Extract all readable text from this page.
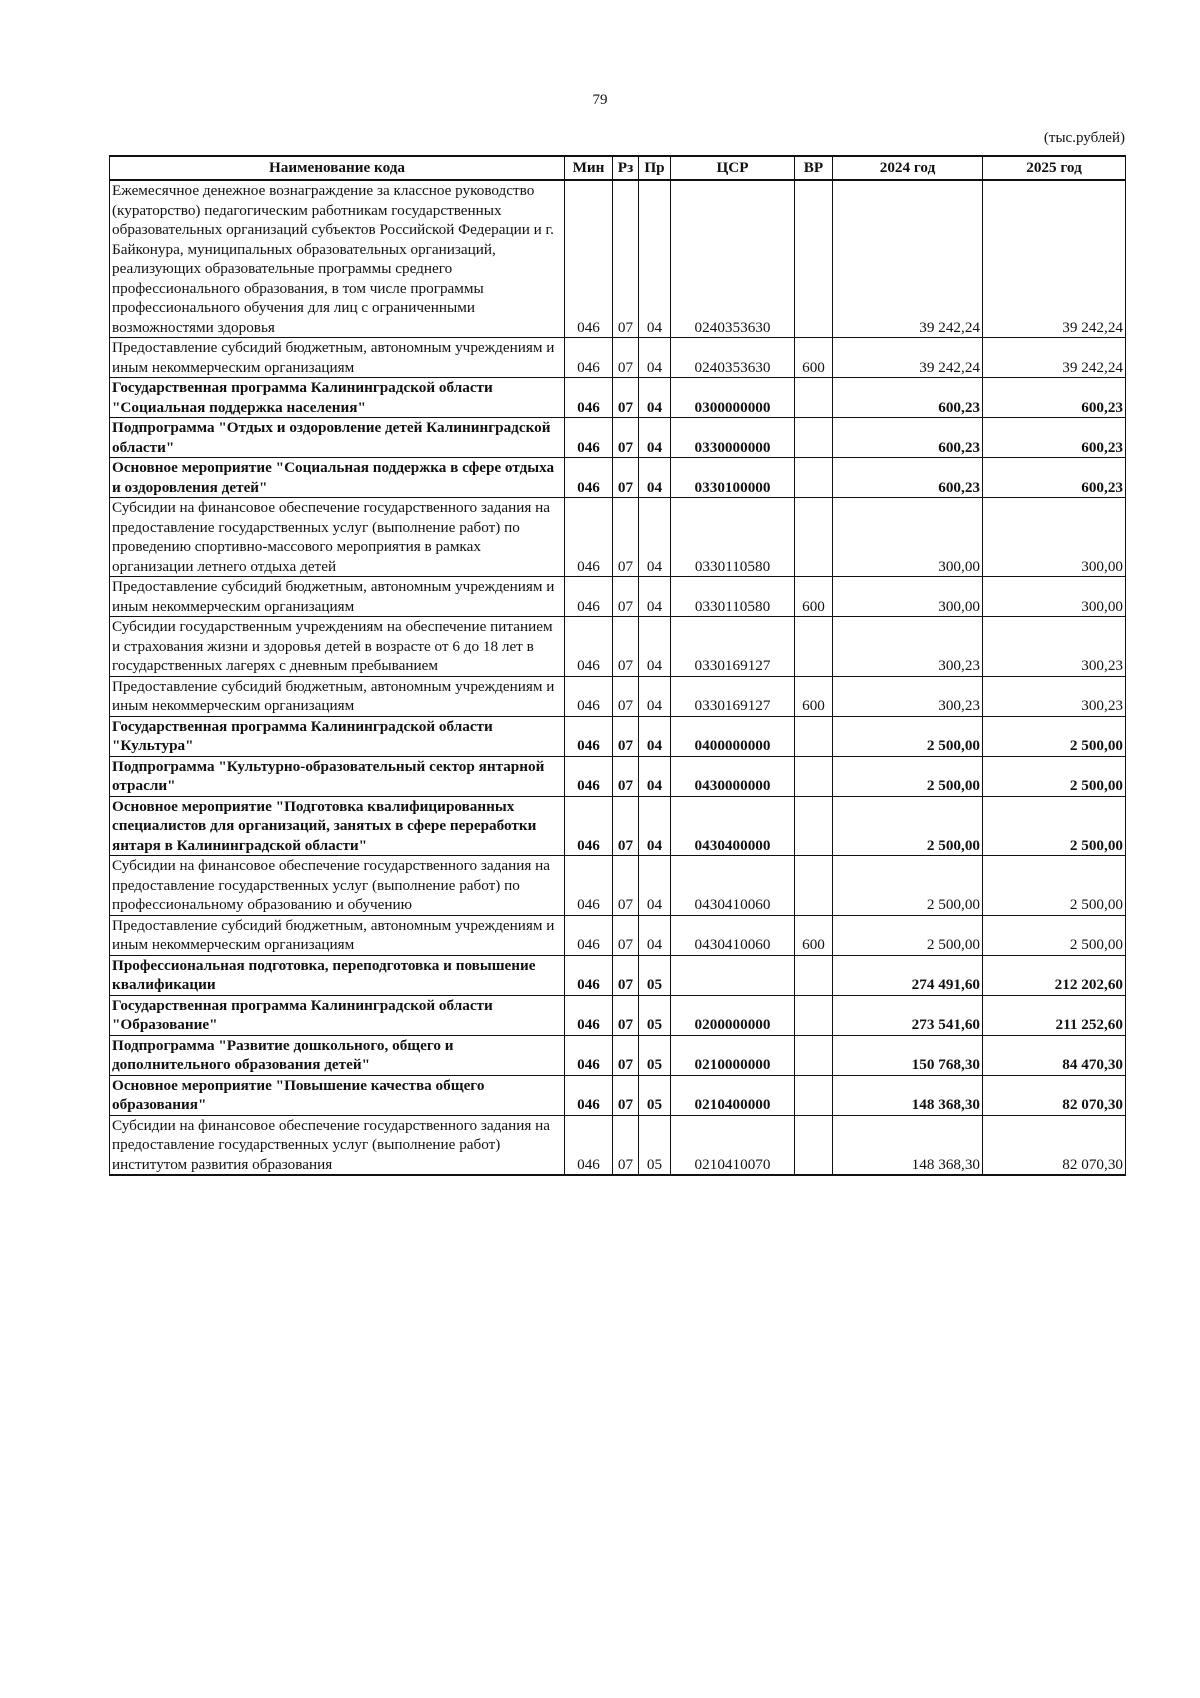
79
(тыс.рублей)
Наименование кода	Мин	Рз	Пр	ЦСР	ВР	2024 год	2025 год
Ежемесячное денежное вознаграждение за классное руководство (кураторство) педагогическим работникам государственных образовательных организаций субъектов Российской Федерации и г. Байконура, муниципальных образовательных организаций, реализующих образовательные программы среднего профессионального образования, в том числе программы профессионального обучения для лиц с ограниченными возможностями здоровья	046	07	04	0240353630		39 242,24	39 242,24
Предоставление субсидий бюджетным, автономным учреждениям и иным некоммерческим организациям	046	07	04	0240353630	600	39 242,24	39 242,24
Государственная программа Калининградской области "Социальная поддержка населения"	046	07	04	0300000000		600,23	600,23
Подпрограмма "Отдых и оздоровление детей Калининградской области"	046	07	04	0330000000		600,23	600,23
Основное мероприятие "Социальная поддержка в сфере отдыха и оздоровления детей"	046	07	04	0330100000		600,23	600,23
Субсидии на финансовое обеспечение государственного задания на предоставление государственных услуг (выполнение работ) по проведению спортивно-массового мероприятия в рамках организации летнего отдыха детей	046	07	04	0330110580		300,00	300,00
Предоставление субсидий бюджетным, автономным учреждениям и иным некоммерческим организациям	046	07	04	0330110580	600	300,00	300,00
Субсидии государственным учреждениям на обеспечение питанием и страхования жизни и здоровья детей в возрасте от 6 до 18 лет в государственных лагерях с дневным пребыванием	046	07	04	0330169127		300,23	300,23
Предоставление субсидий бюджетным, автономным учреждениям и иным некоммерческим организациям	046	07	04	0330169127	600	300,23	300,23
Государственная программа Калининградской области "Культура"	046	07	04	0400000000		2 500,00	2 500,00
Подпрограмма "Культурно-образовательный сектор янтарной отрасли"	046	07	04	0430000000		2 500,00	2 500,00
Основное мероприятие "Подготовка квалифицированных специалистов для организаций, занятых в сфере переработки янтаря в Калининградской области"	046	07	04	0430400000		2 500,00	2 500,00
Субсидии на финансовое обеспечение государственного задания на предоставление государственных услуг (выполнение работ) по профессиональному образованию и обучению	046	07	04	0430410060		2 500,00	2 500,00
Предоставление субсидий бюджетным, автономным учреждениям и иным некоммерческим организациям	046	07	04	0430410060	600	2 500,00	2 500,00
Профессиональная подготовка, переподготовка и повышение квалификации	046	07	05			274 491,60	212 202,60
Государственная программа Калининградской области "Образование"	046	07	05	0200000000		273 541,60	211 252,60
Подпрограмма "Развитие дошкольного, общего и дополнительного образования детей"	046	07	05	0210000000		150 768,30	84 470,30
Основное мероприятие "Повышение качества общего образования"	046	07	05	0210400000		148 368,30	82 070,30
Субсидии на финансовое обеспечение государственного задания на предоставление государственных услуг (выполнение работ) институтом развития образования	046	07	05	0210410070		148 368,30	82 070,30
